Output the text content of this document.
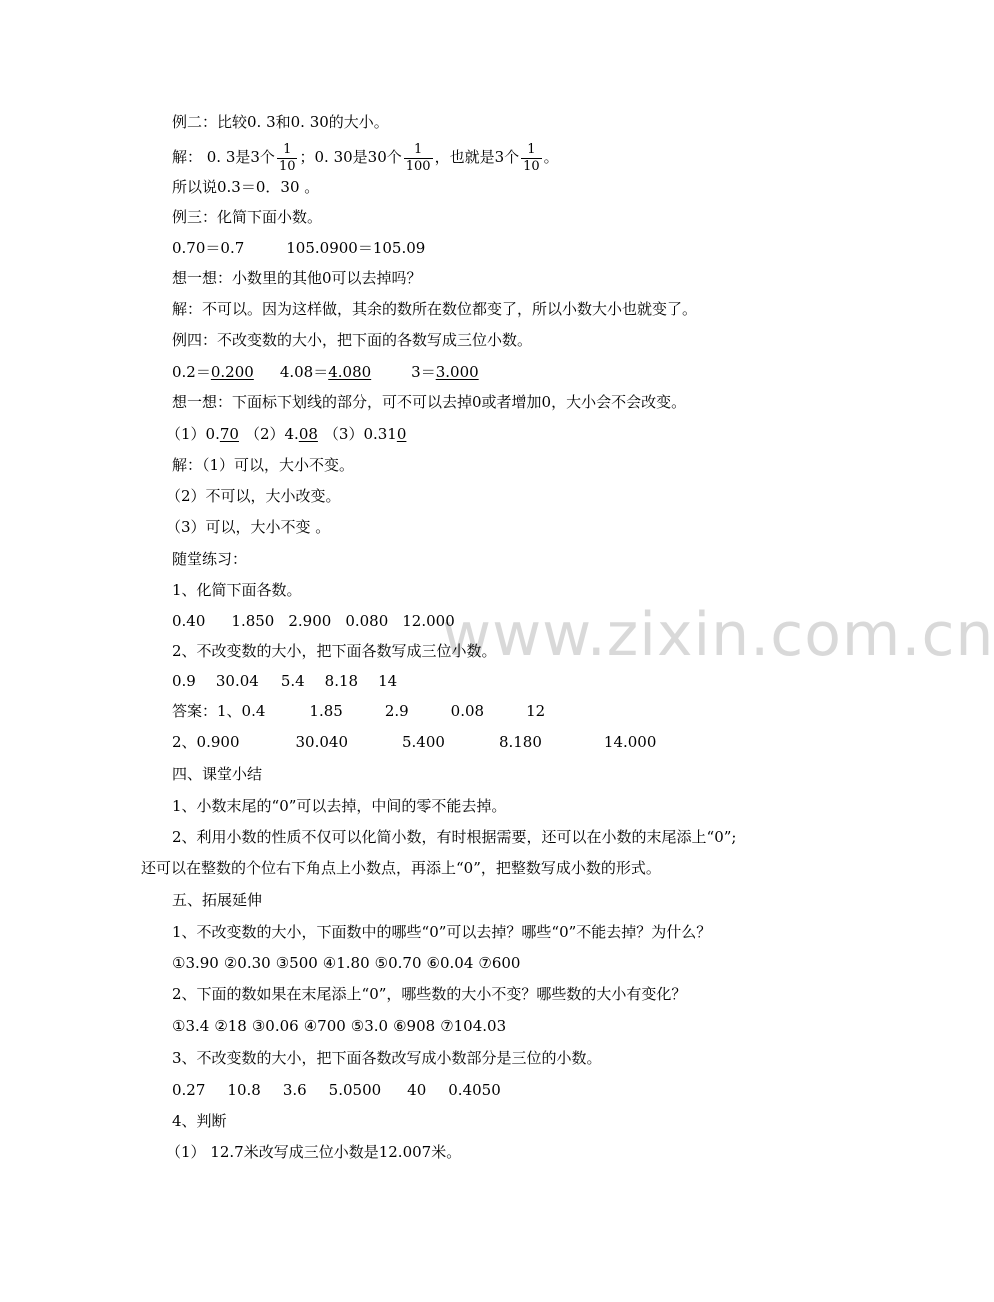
www.zixin.com.cn
例二：比较0. 3和0. 30的大小。
解： 0. 3是3个 $\frac{1}{10}$ ；0. 30是30个 $\frac{1}{100}$ ，也就是3个 $\frac{1}{10}$ 。
所以说0.3＝0．30 。
例三：化简下面小数。
0.70＝0.7	105.0900＝105.09
想一想：小数里的其他0可以去掉吗？
解：不可以。因为这样做，其余的数所在数位都变了，所以小数大小也就变了。
例四：不改变数的大小，把下面的各数写成三位小数。
0.2＝0.200 4.08＝4.080	3＝3.000
想一想：下面标下划线的部分，可不可以去掉0或者增加0，大小会不会改变。
（1）0.70 （2）4.08 （3）0.310
解：（1）可以，大小不变。
（2）不可以，大小改变。
（3）可以，大小不变 。
随堂练习：
1、化简下面各数。
0.40 1.850 2.900 0.080 12.000
2、不改变数的大小，把下面各数写成三位小数。
0.9 30.04 5.4 8.18 14
答案：1、0.4	1.85	2.9	0.08	12
2、0.900	30.040	5.400	8.180	14.000
四、课堂小结
1、小数末尾的“0”可以去掉，中间的零不能去掉。
2、利用小数的性质不仅可以化简小数，有时根据需要，还可以在小数的末尾添上“0”;
还可以在整数的个位右下角点上小数点，再添上“0”，把整数写成小数的形式。
五、拓展延伸
1、不改变数的大小，下面数中的哪些“0”可以去掉？哪些“0”不能去掉？为什么？
①3.90 ②0.30 ③500 ④1.80 ⑤0.70 ⑥0.04 ⑦600
2、下面的数如果在末尾添上“0”，哪些数的大小不变？哪些数的大小有变化？
①3.4 ②18 ③0.06 ④700 ⑤3.0 ⑥908 ⑦104.03
3、不改变数的大小，把下面各数改写成小数部分是三位的小数。
0.27 10.8 3.6 5.0500 40 0.4050
4、判断
（1） 12.7米改写成三位小数是12.007米。
